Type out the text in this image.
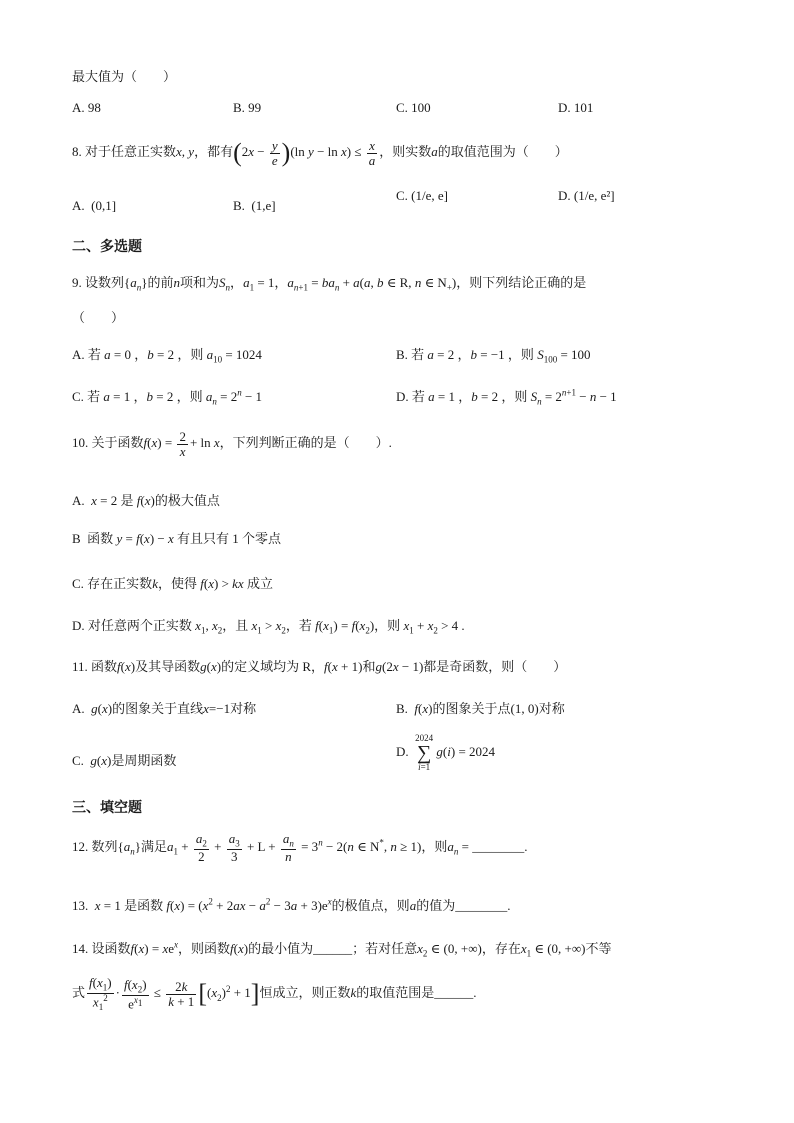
最大值为（　　）
A. 98	B. 99	C. 100	D. 101
8. 对于任意正实数x, y，都有$(2x - \frac{y}{e} )(\ln$ $y - \ln x) \le \frac{x}{a}$ ，则实数a的取值范围为（　　）
A. (0,1]	B. (1,e]
C. (1/e, e]	D. (1/e, e²]
二、多选题
9. 设数列$\{a_n\}$的前n项和为$S_n$，$a_1 = 1$，$a_{n+1} = ba_n + a(a$, b ∈ R, n ∈ $N_+$)，则下列结论正确的是
（　　）
A. 若 a = 0 ，b = 2 ，则 $a_{10} = 1024$	B. 若 a = 2 ，b = −1 ，则 $S_{100} = 100$
C. 若 a = 1 ，b = 2 ，则 $a_n = 2^n - 1$	D. 若 a = 1 ，b = 2 ，则 $S_n = 2^{n+1} - n - 1$
10. 关于函数$f(x) = \frac{2}{x} + \ln x$，下列判断正确的是（　　）.
A. x = 2 是 f(x)的极大值点
B 函数 y = f(x) − x 有且只有 1 个零点
C. 存在正实数k，使得 f(x) > kx 成立
D. 对任意两个正实数 $x_1$, $x_2$，且 $x_1 > x_2$，若 $f(x_1) = f(x_2)$，则 $x_1 + x_2 > 4$ .
11. 函数f(x)及其导函数g(x)的定义域均为 R，f(x + 1)和g(2x − 1)都是奇函数，则（　　）
A. g(x)的图象关于直线x=−1对称	B. f(x)的图象关于点(1, 0)对称
C. g(x)是周期函数
D.
2024
∑
i=1
g(i) = 2024
三、填空题
12. 数列$\{a_n\}$满足$a_1 + \frac{a_2}{2} + \frac{a_3}{3} + L + \frac{a_n}{n} = 3^n - 2(n$ ∈ N*, n ≥ 1)，则$a_n$ = ________.
13. x = 1 是函数 $f(x) = (x^2 + 2ax - a^2 - 3a + 3)e^x$的极值点，则a的值为________.
14. 设函数$f(x) = xe^x$，则函数f(x)的最小值为______；若对任意$x_2$ ∈ (0, +∞)，存在$x_1$ ∈ (0, +∞)不等
式 $\frac{f(x_1)}{x_1^2} \cdot \frac{f(x_2)}{e^{x_1}} \le \frac{2k}{k + 1} [(x_2)^2 + 1]$恒成立，则正数k的取值范围是______.
